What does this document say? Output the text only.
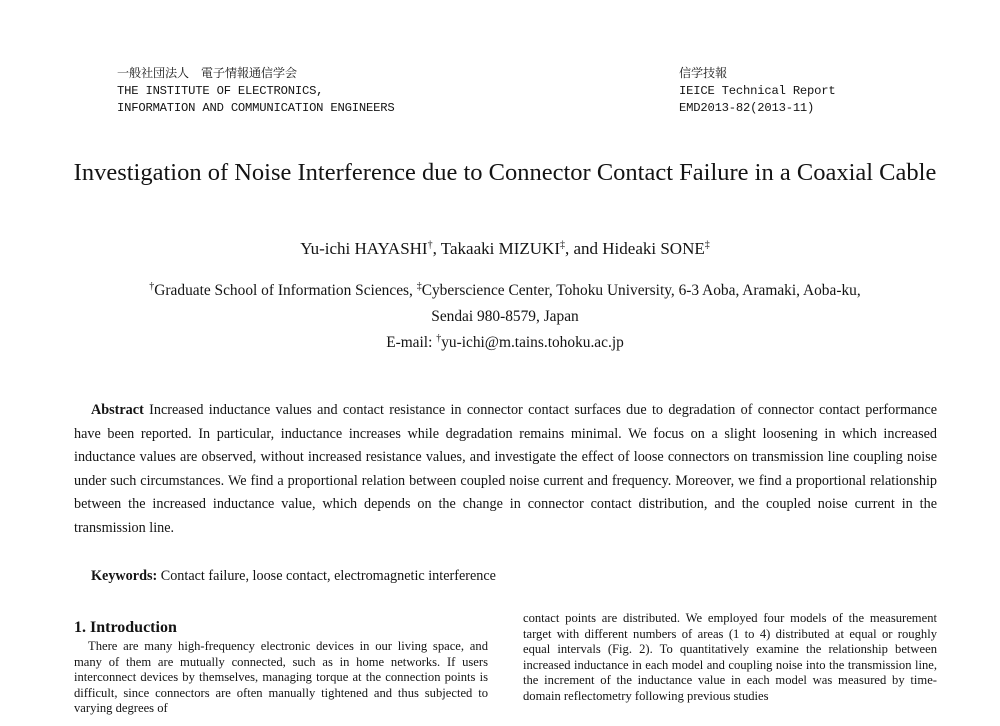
一般社団法人　電子情報通信学会
THE INSTITUTE OF ELECTRONICS,
INFORMATION AND COMMUNICATION ENGINEERS
信学技報
IEICE Technical Report
EMD2013-82(2013-11)
Investigation of Noise Interference due to Connector Contact Failure in a Coaxial Cable
Yu-ichi HAYASHI†, Takaaki MIZUKI‡, and Hideaki SONE‡
†Graduate School of Information Sciences, ‡Cyberscience Center, Tohoku University, 6-3 Aoba, Aramaki, Aoba-ku,
Sendai 980-8579, Japan
E-mail: †yu-ichi@m.tains.tohoku.ac.jp
Abstract Increased inductance values and contact resistance in connector contact surfaces due to degradation of connector contact performance have been reported. In particular, inductance increases while degradation remains minimal. We focus on a slight loosening in which increased inductance values are observed, without increased resistance values, and investigate the effect of loose connectors on transmission line coupling noise under such circumstances. We find a proportional relation between coupled noise current and frequency. Moreover, we find a proportional relationship between the increased inductance value, which depends on the change in connector contact distribution, and the coupled noise current in the transmission line.
Keywords: Contact failure, loose contact, electromagnetic interference
1. Introduction

There are many high-frequency electronic devices in our living space, and many of them are mutually connected, such as in home networks. If users interconnect devices by themselves, managing torque at the connection points is difficult, since connectors are often manually tightened and thus subjected to varying degrees of

contact points are distributed. We employed four models of the measurement target with different numbers of areas (1 to 4) distributed at equal or roughly equal intervals (Fig. 2). To quantitatively examine the relationship between increased inductance in each model and coupling noise into the transmission line, the increment of the inductance value in each model was measured by time-domain reflectometry following previous studies
